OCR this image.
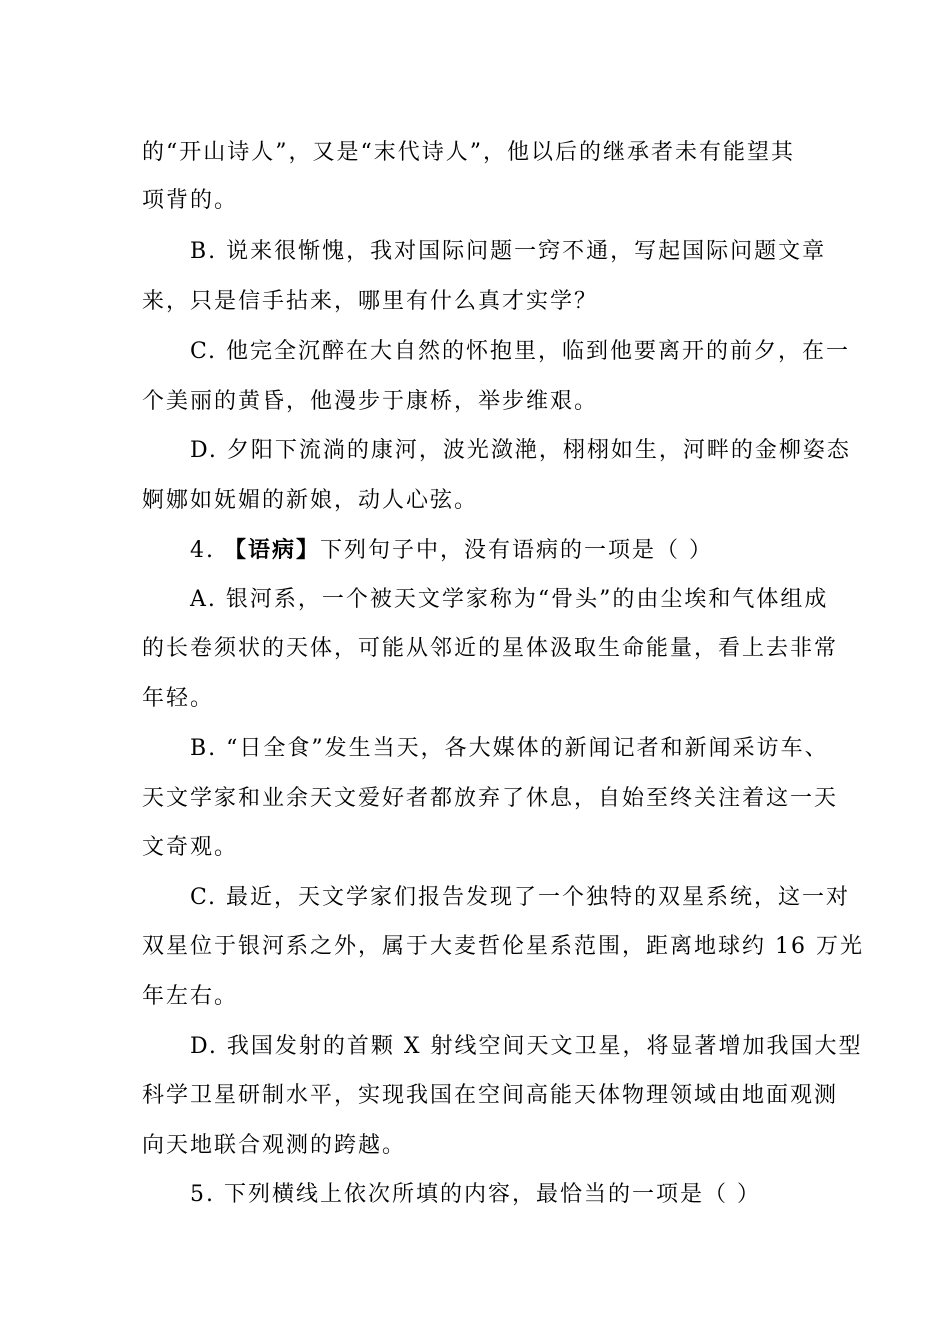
的“开山诗人”，又是“末代诗人”，他以后的继承者未有能望其
项背的。
B. 说来很惭愧，我对国际问题一窍不通，写起国际问题文章
来，只是信手拈来，哪里有什么真才实学？
C. 他完全沉醉在大自然的怀抱里，临到他要离开的前夕，在一
个美丽的黄昏，他漫步于康桥，举步维艰。
D. 夕阳下流淌的康河，波光潋滟，栩栩如生，河畔的金柳姿态
婀娜如妩媚的新娘，动人心弦。
4. 【语病】下列句子中，没有语病的一项是（ ）
A. 银河系，一个被天文学家称为“骨头”的由尘埃和气体组成
的长卷须状的天体，可能从邻近的星体汲取生命能量，看上去非常
年轻。
B. “日全食”发生当天，各大媒体的新闻记者和新闻采访车、
天文学家和业余天文爱好者都放弃了休息，自始至终关注着这一天
文奇观。
C. 最近，天文学家们报告发现了一个独特的双星系统，这一对
双星位于银河系之外，属于大麦哲伦星系范围，距离地球约 16 万光
年左右。
D. 我国发射的首颗 X 射线空间天文卫星，将显著增加我国大型
科学卫星研制水平，实现我国在空间高能天体物理领域由地面观测
向天地联合观测的跨越。
5. 下列横线上依次所填的内容，最恰当的一项是（ ）
